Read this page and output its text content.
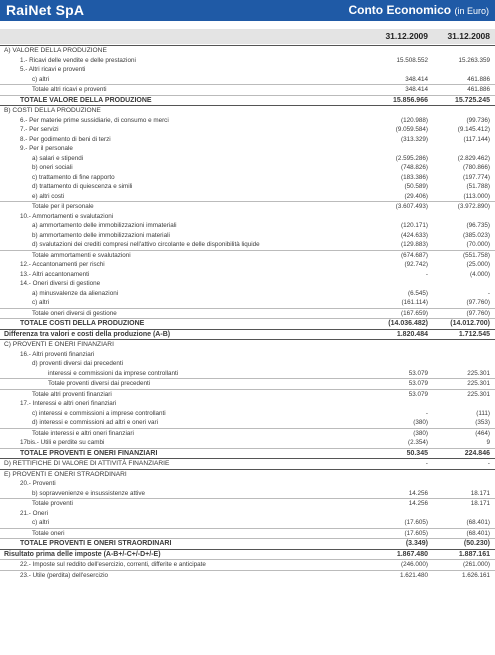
RaiNet SpA	Conto Economico (in Euro)
31.12.2009	31.12.2008
A) VALORE DELLA PRODUZIONE
1.- Ricavi delle vendite e delle prestazioni	15.508.552	15.263.359
5.- Altri ricavi e proventi
c) altri	348.414	461.886
Totale altri ricavi e proventi	348.414	461.886
TOTALE VALORE DELLA PRODUZIONE	15.856.966	15.725.245
B) COSTI DELLA PRODUZIONE
6.- Per materie prime sussidiarie, di consumo e merci	(120.988)	(99.736)
7.- Per servizi	(9.059.584)	(9.145.412)
8.- Per godimento di beni di terzi	(313.329)	(117.144)
9.- Per il personale
a) salari e stipendi	(2.595.286)	(2.829.462)
b) oneri sociali	(748.826)	(780.866)
c) trattamento di fine rapporto	(183.386)	(197.774)
d) trattamento di quiescenza e simili	(50.589)	(51.788)
e) altri costi	(29.406)	(113.000)
Totale per il personale	(3.607.493)	(3.972.890)
10.- Ammortamenti e svalutazioni
a) ammortamento delle immobilizzazioni immateriali	(120.171)	(96.735)
b) ammortamento delle immobilizzazioni materiali	(424.633)	(385.023)
d) svalutazioni dei crediti compresi nell'attivo circolante e delle disponibilità liquide	(129.883)	(70.000)
Totale ammortamenti e svalutazioni	(674.687)	(551.758)
12.- Accantonamenti per rischi	(92.742)	(25.000)
13.- Altri accantonamenti	-	(4.000)
14.- Oneri diversi di gestione
a) minusvalenze da alienazioni	(6.545)	-
c) altri	(161.114)	(97.760)
Totale oneri diversi di gestione	(167.659)	(97.760)
TOTALE COSTI DELLA PRODUZIONE	(14.036.482)	(14.012.700)
Differenza tra valori e costi della produzione (A-B)	1.820.484	1.712.545
C) PROVENTI E ONERI FINANZIARI
16.- Altri proventi finanziari
d) proventi diversi dai precedenti
interessi e commissioni da imprese controllanti	53.079	225.301
Totale proventi diversi dai precedenti	53.079	225.301
Totale altri proventi finanziari	53.079	225.301
17.- Interessi e altri oneri finanziari
c) interessi e commissioni a imprese controllanti	-	(111)
d) interessi e commissioni ad altri e oneri vari	(380)	(353)
Totale interessi e altri oneri finanziari	(380)	(464)
17bis.- Utili e perdite su cambi	(2.354)	9
TOTALE PROVENTI E ONERI FINANZIARI	50.345	224.846
D) RETTIFICHE DI VALORE DI ATTIVITÀ FINANZIARIE	-	-
E) PROVENTI E ONERI STRAORDINARI
20.- Proventi
b) sopravvenienze e insussistenze attive	14.256	18.171
Totale proventi	14.256	18.171
21.- Oneri
c) altri	(17.605)	(68.401)
Totale oneri	(17.605)	(68.401)
TOTALE PROVENTI E ONERI STRAORDINARI	(3.349)	(50.230)
Risultato prima delle imposte (A-B+/-C+/-D+/-E)	1.867.480	1.887.161
22.- Imposte sul reddito dell'esercizio, correnti, differite e anticipate	(246.000)	(261.000)
23.- Utile (perdita) dell'esercizio	1.621.480	1.626.161
